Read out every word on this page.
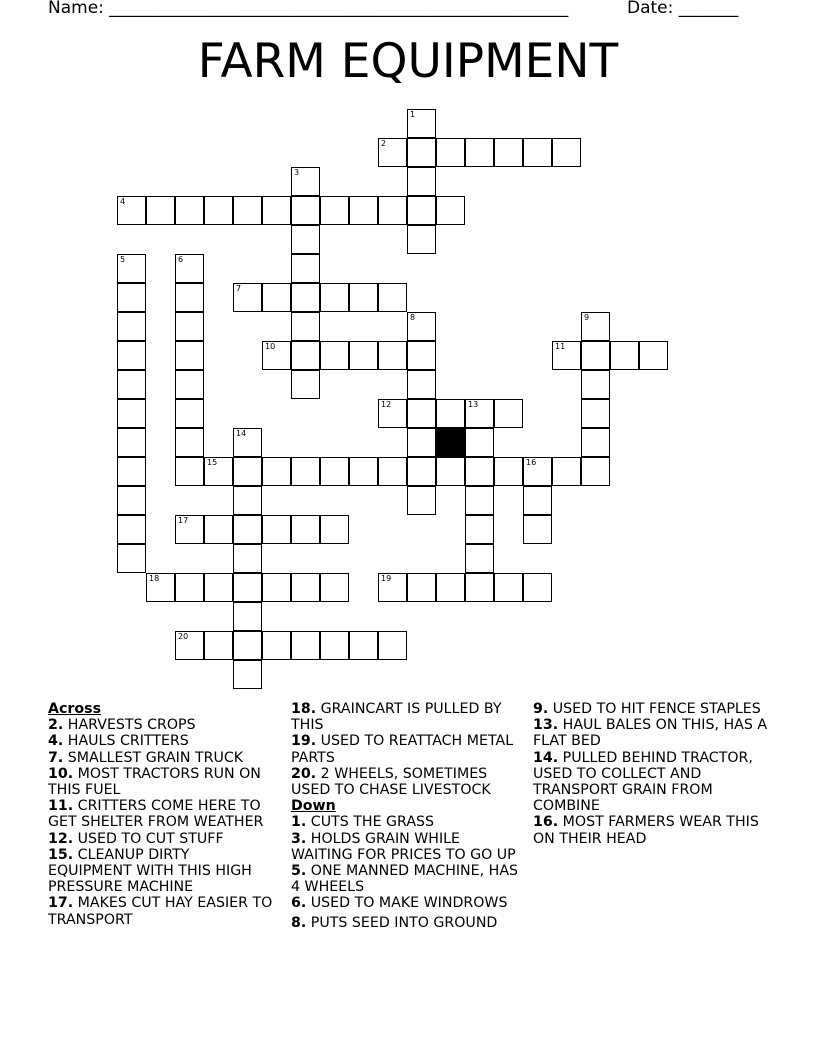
Name: ______________________________________________________	Date: _______
FARM EQUIPMENT
2
4
7
10	11
12	13
15	16
17
18	19
20
1
3
5	6
8	9
14
Across
2. HARVESTS CROPS
4. HAULS CRITTERS
7. SMALLEST GRAIN TRUCK
10. MOST TRACTORS RUN ON THIS FUEL
11. CRITTERS COME HERE TO GET SHELTER FROM WEATHER
12. USED TO CUT STUFF
15. CLEANUP DIRTY EQUIPMENT WITH THIS HIGH PRESSURE MACHINE
17. MAKES CUT HAY EASIER TO TRANSPORT
18. GRAINCART IS PULLED BY THIS
19. USED TO REATTACH METAL PARTS
20. 2 WHEELS, SOMETIMES USED TO CHASE LIVESTOCK
Down
1. CUTS THE GRASS
3. HOLDS GRAIN WHILE WAITING FOR PRICES TO GO UP
5. ONE MANNED MACHINE, HAS 4 WHEELS
6. USED TO MAKE WINDROWS
8. PUTS SEED INTO GROUND
9. USED TO HIT FENCE STAPLES
13. HAUL BALES ON THIS, HAS A FLAT BED
14. PULLED BEHIND TRACTOR, USED TO COLLECT AND TRANSPORT GRAIN FROM COMBINE
16. MOST FARMERS WEAR THIS ON THEIR HEAD
